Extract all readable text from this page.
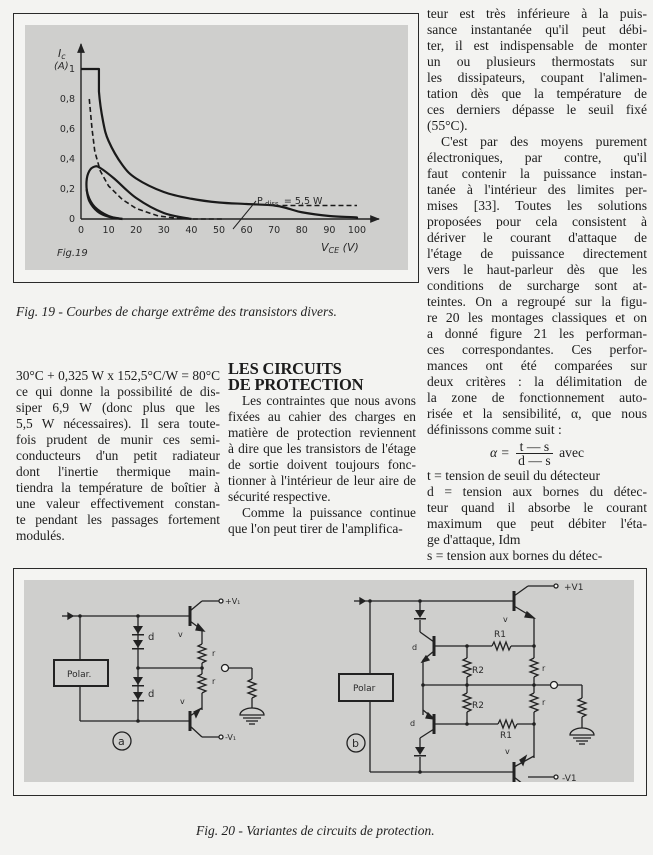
0 10 20 30 40 50 60 70 80 90 100
0
0,2
0,4
0,6
0,8
1
Ic
(A)
VCE (V)
Fig.19
P $_{diss.}$ = 5,5 W
Fig. 19 - Courbes de charge extrême des transistors divers.
teur est très inférieure à la puis-
sance instantanée qu'il peut débi-
ter, il est indispensable de monter
un ou plusieurs thermostats sur
les dissipateurs, coupant l'alimen-
tation dès que la température de
ces derniers dépasse le seuil fixé
(55°C).
C'est par des moyens purement
électroniques, par contre, qu'il
faut contenir la puissance instan-
tanée à l'intérieur des limites per-
mises [33]. Toutes les solutions
proposées pour cela consistent à
dériver le courant d'attaque de
l'étage de puissance directement
vers le haut-parleur dès que les
conditions de surcharge sont at-
teintes. On a regroupé sur la figu-
re 20 les montages classiques et on
a donné figure 21 les performan-
ces correspondantes. Ces perfor-
mances ont été comparées sur
deux critères : la délimitation de
la zone de fonctionnement auto-
risée et la sensibilité, α, que nous
définissons comme suit :
$\alpha = \frac{t — s}{d — s}$ avec
t = tension de seuil du détecteur
d = tension aux bornes du détec-
teur quand il absorbe le courant
maximum que peut débiter l'éta-
ge d'attaque, Idm
s = tension aux bornes du détec-
30°C + 0,325 W x 152,5°C/W = 80°C
ce qui donne la possibilité de dis-
siper 6,9 W (donc plus que les
5,5 W nécessaires). Il sera toute-
fois prudent de munir ces semi-
conducteurs d'un petit radiateur
dont l'inertie thermique main-
tiendra la température de boîtier à
une valeur effectivement constan-
te pendant les passages fortement
modulés.
LES CIRCUITS
DE PROTECTION
Les contraintes que nous avons
fixées au cahier des charges en
matière de protection reviennent
à dire que les transistors de l'étage
de sortie doivent toujours fonc-
tionner à l'intérieur de leur aire de
sécurité respective.
Comme la puissance continue
que l'on peut tirer de l'amplifica-
Polar.
d
d
+V₁
v
r
r
-V₁
v
a
Polar
d
R1
R2
R2
d
R1
+V1
v
r
r
v
b
-V1
Fig. 20 - Variantes de circuits de protection.
